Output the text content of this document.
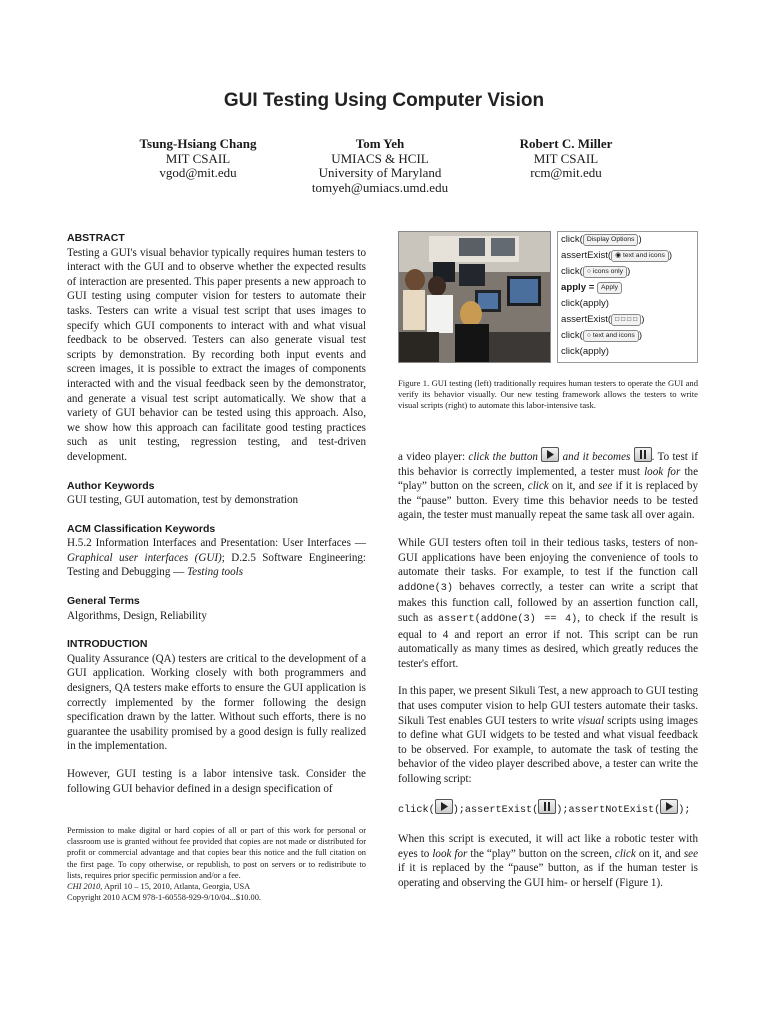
GUI Testing Using Computer Vision
Tsung-Hsiang Chang
MIT CSAIL
vgod@mit.edu
Tom Yeh
UMIACS & HCIL
University of Maryland
tomyeh@umiacs.umd.edu
Robert C. Miller
MIT CSAIL
rcm@mit.edu
ABSTRACT

Testing a GUI's visual behavior typically requires human testers to interact with the GUI and to observe whether the expected results of interaction are presented. This paper presents a new approach to GUI testing using computer vision for testers to automate their tasks. Testers can write a visual test script that uses images to specify which GUI components to interact with and what visual feedback to be observed. Testers can also generate visual test scripts by demonstration. By recording both input events and screen images, it is possible to extract the images of components interacted with and the visual feedback seen by the demonstrator, and generate a visual test script automatically. We show that a variety of GUI behavior can be tested using this approach. Also, we show how this approach can facilitate good testing practices such as unit testing, regression testing, and test-driven development.

Author Keywords

GUI testing, GUI automation, test by demonstration

ACM Classification Keywords

H.5.2 Information Interfaces and Presentation: User Interfaces — Graphical user interfaces (GUI); D.2.5 Software Engineering: Testing and Debugging — Testing tools

General Terms

Algorithms, Design, Reliability

INTRODUCTION

Quality Assurance (QA) testers are critical to the development of a GUI application. Working closely with both programmers and designers, QA testers make efforts to ensure the GUI application is correctly implemented by the former following the design specification drawn by the latter. Without such efforts, there is no guarantee the usability promised by a good design is fully realized in the implementation.

However, GUI testing is a labor intensive task. Consider the following GUI behavior defined in a design specification of

Permission to make digital or hard copies of all or part of this work for personal or classroom use is granted without fee provided that copies are not made or distributed for profit or commercial advantage and that copies bear this notice and the full citation on the first page. To copy otherwise, or republish, to post on servers or to redistribute to lists, requires prior specific permission and/or a fee.
CHI 2010, April 10 – 15, 2010, Atlanta, Georgia, USA
Copyright 2010 ACM 978-1-60558-929-9/10/04...$10.00.
click( Display Options )
assertExist( ◉ text and icons )
click( ○ icons only )
apply = Apply
click(apply)
assertExist( □ □ □ □ )
click( ○ text and icons )
click(apply)
Figure 1. GUI testing (left) traditionally requires human testers to operate the GUI and verify its behavior visually. Our new testing framework allows the testers to write visual scripts (right) to automate this labor-intensive task.

a video player: click the button
and it becomes
. To test if this behavior is correctly implemented, a tester must look for the “play” button on the screen, click on it, and see if it is replaced by the “pause” button. Every time this behavior needs to be tested again, the tester must manually repeat the same task all over again.

While GUI testers often toil in their tedious tasks, testers of non-GUI applications have been enjoying the convenience of tools to automate their tasks. For example, to test if the function call addOne(3) behaves correctly, a tester can write a script that makes this function call, followed by an assertion function call, such as assert(addOne(3) == 4), to check if the result is equal to 4 and report an error if not. This script can be run automatically as many times as desired, which greatly reduces the tester's effort.

In this paper, we present Sikuli Test, a new approach to GUI testing that uses computer vision to help GUI testers automate their tasks. Sikuli Test enables GUI testers to write visual scripts using images to define what GUI widgets to be tested and what visual feedback to be observed. For example, to automate the task of testing the behavior of the video player described above, a tester can write the following script:

click( );assertExist( );assertNotExist( );

When this script is executed, it will act like a robotic tester with eyes to look for the “play” button on the screen, click on it, and see if it is replaced by the “pause” button, as if the human tester is operating and observing the GUI him- or herself (Figure 1).
